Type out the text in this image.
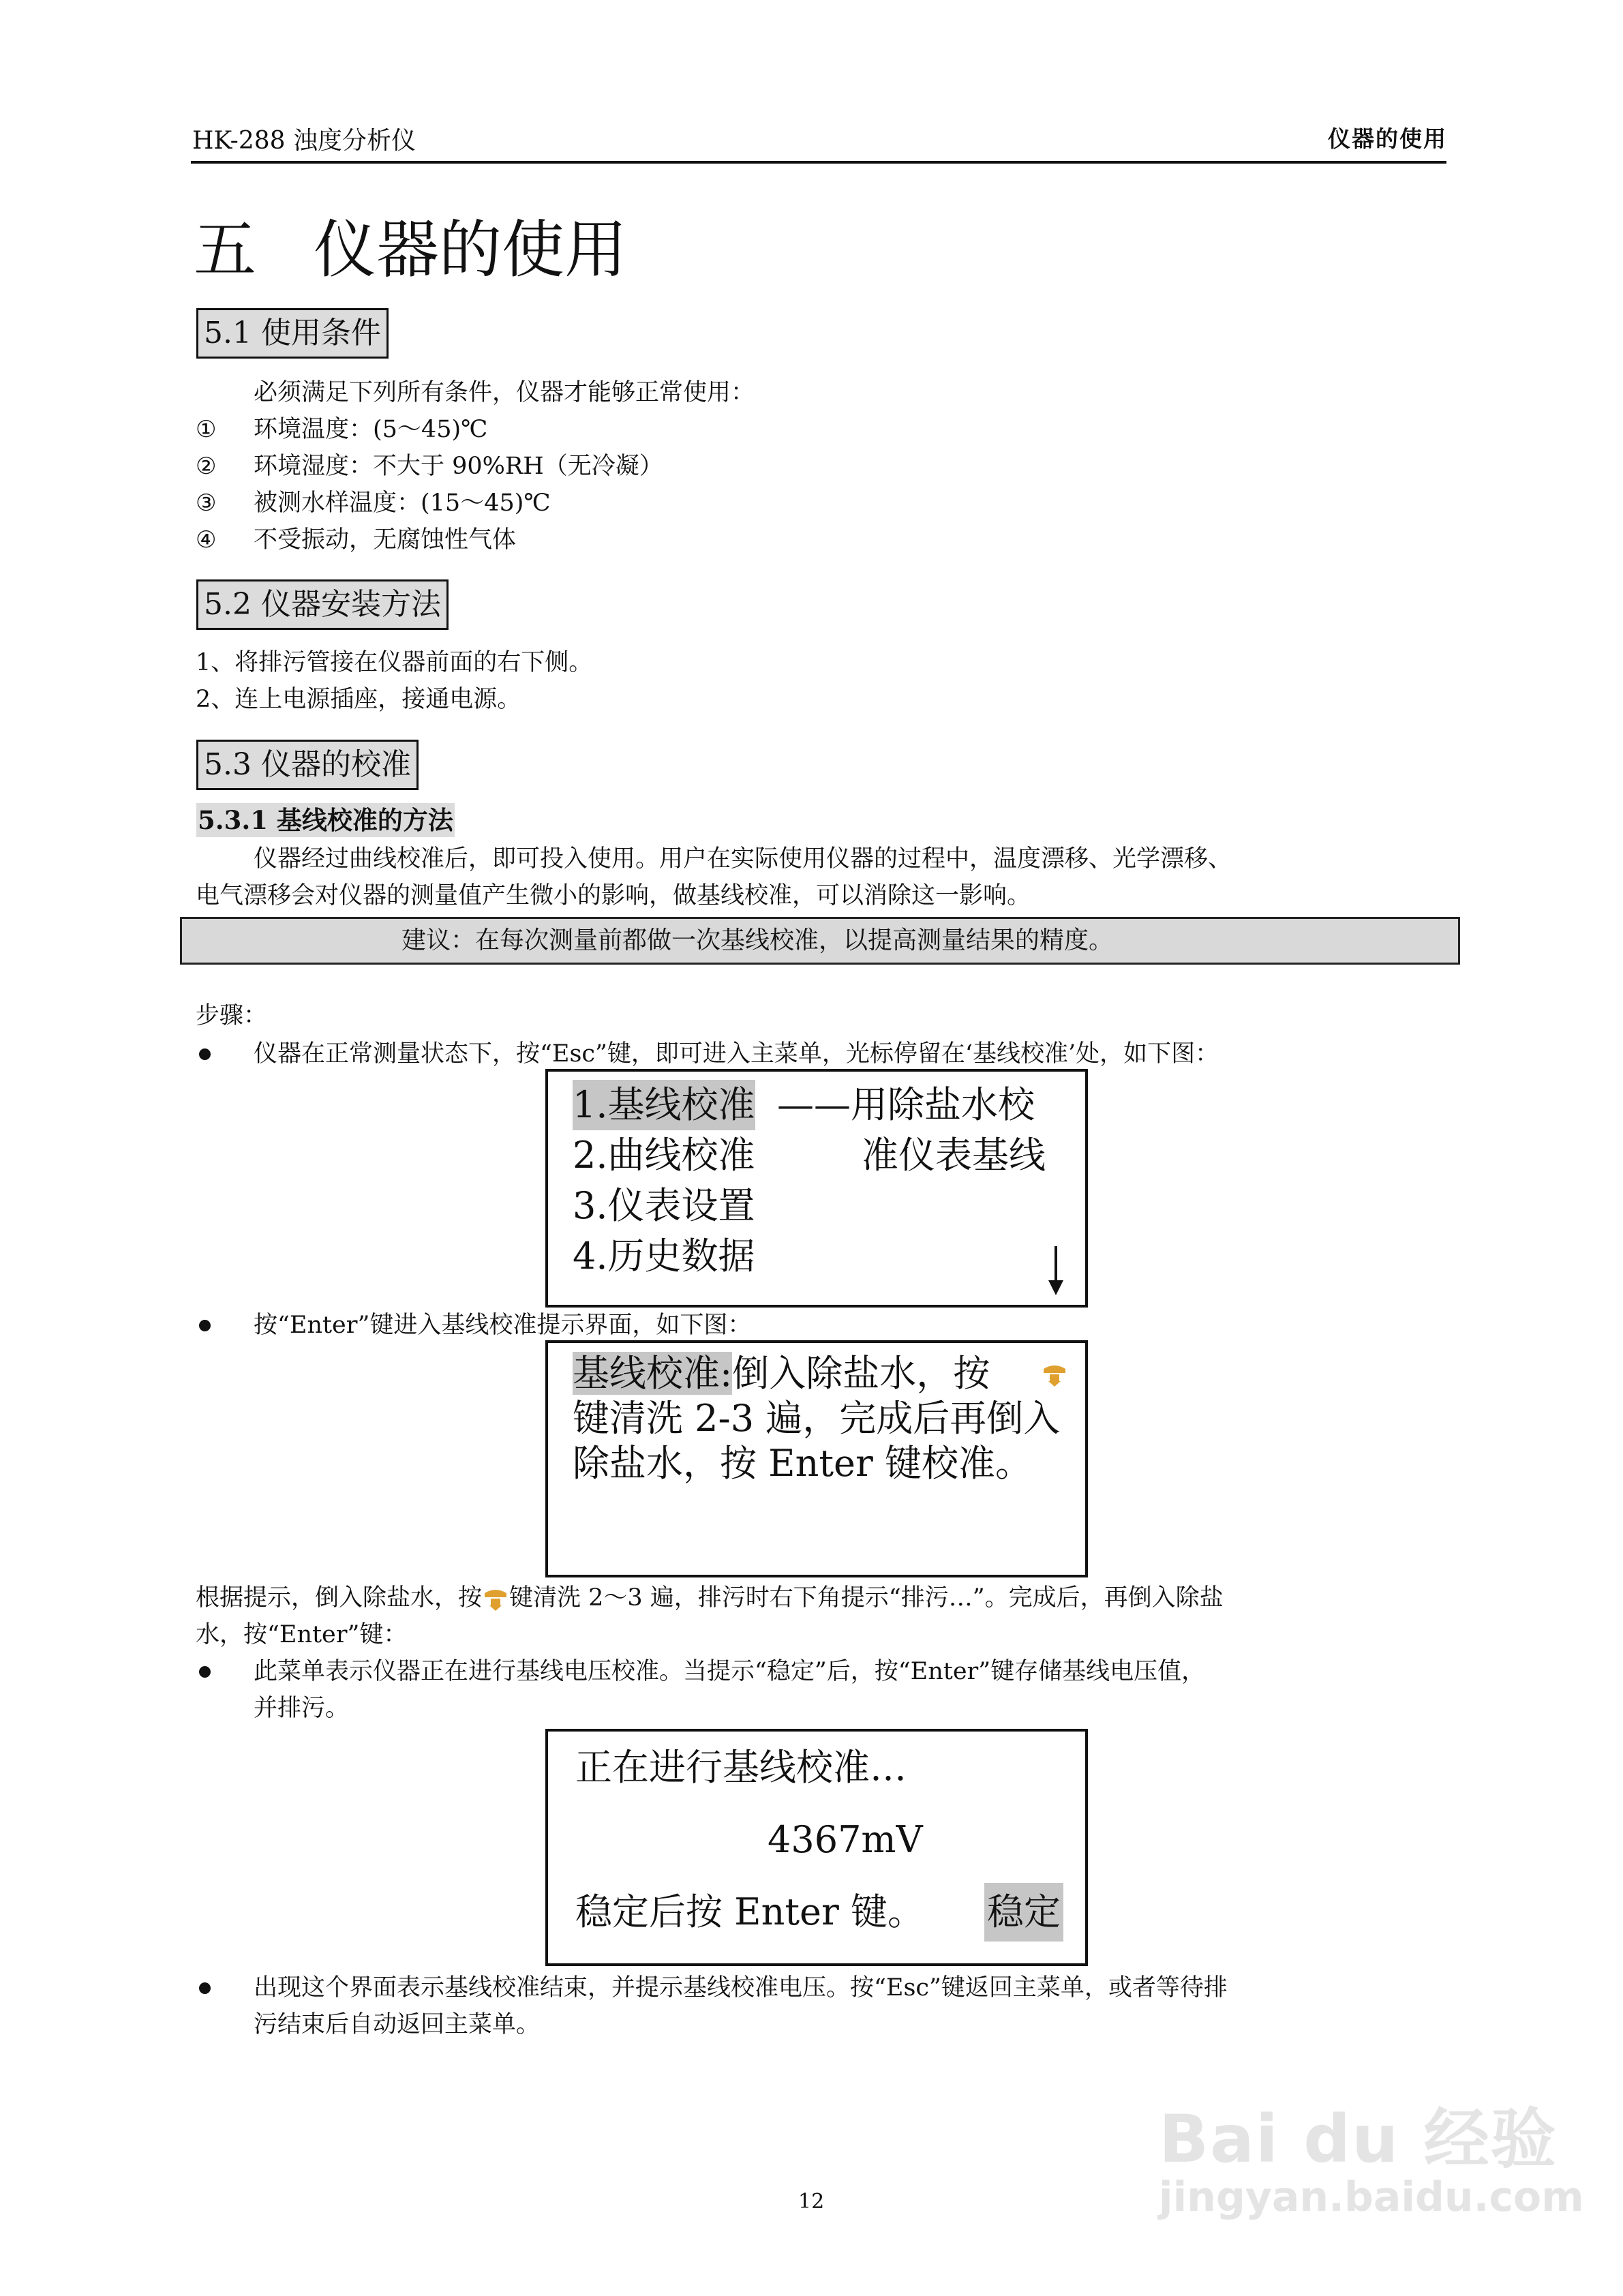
HK-288 浊度分析仪	仪器的使用
五 仪器的使用
5.1 使用条件
必须满足下列所有条件，仪器才能够正常使用：
① 环境温度：(5～45)℃
② 环境湿度：不大于 90%RH（无冷凝）
③ 被测水样温度：(15～45)℃
④ 不受振动，无腐蚀性气体
5.2 仪器安装方法
1、将排污管接在仪器前面的右下侧。
2、连上电源插座，接通电源。
5.3 仪器的校准
5.3.1 基线校准的方法
仪器经过曲线校准后，即可投入使用。用户在实际使用仪器的过程中，温度漂移、光学漂移、
电气漂移会对仪器的测量值产生微小的影响，做基线校准，可以消除这一影响。
建议：在每次测量前都做一次基线校准，以提高测量结果的精度。
步骤：
仪器在正常测量状态下，按“Esc”键，即可进入主菜单，光标停留在‘基线校准’处，如下图：
1.基线校准
2.曲线校准
3.仪表设置
4.历史数据
——用除盐水校
准仪表基线
按“Enter”键进入基线校准提示界面，如下图：
基线校准:倒入除盐水，按
键清洗 2-3 遍，完成后再倒入
除盐水，按 Enter 键校准。
根据提示，倒入除盐水，按 键清洗 2～3 遍，排污时右下角提示“排污…”。完成后，再倒入除盐
水，按“Enter”键：
此菜单表示仪器正在进行基线电压校准。当提示“稳定”后，按“Enter”键存储基线电压值，
并排污。
正在进行基线校准…
4367mV
稳定后按 Enter 键。 稳定
出现这个界面表示基线校准结束，并提示基线校准电压。按“Esc”键返回主菜单，或者等待排
污结束后自动返回主菜单。
12
Bai du 经验
jingyan.baidu.com
